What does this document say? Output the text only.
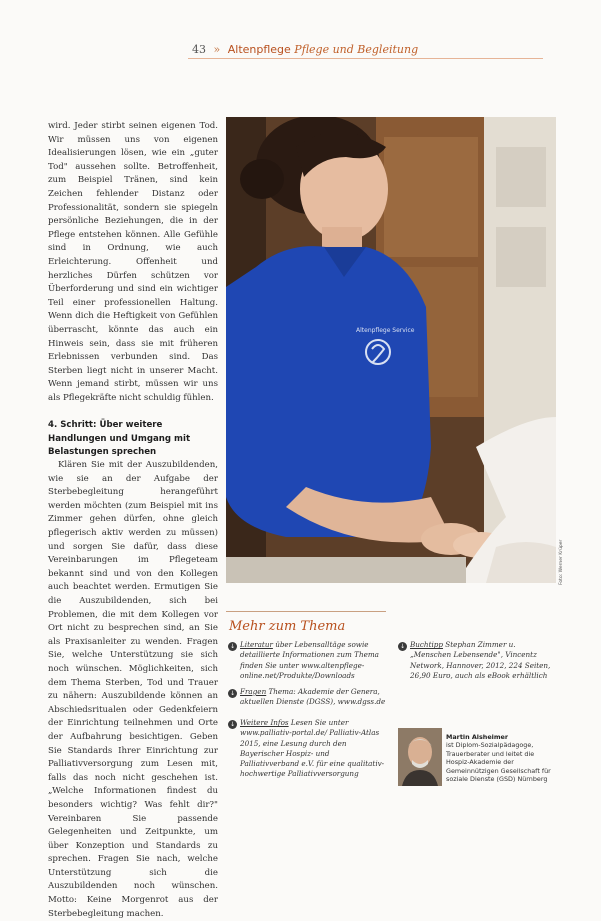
43 » Altenpflege Pflege und Begleitung

wird. Jeder stirbt seinen eigenen Tod. Wir müssen uns von eigenen Idealisierungen lösen, wie ein „guter Tod" aussehen sollte. Betroffenheit, zum Beispiel Tränen, sind kein Zeichen fehlender Distanz oder Professionalität, sondern sie spiegeln persönliche Beziehungen, die in der Pflege entstehen können. Alle Gefühle sind in Ordnung, wie auch Erleichterung. Offenheit und herzliches Dürfen schützen vor Überforderung und sind ein wichtiger Teil einer professionellen Haltung. Wenn dich die Heftigkeit von Gefühlen überrascht, könnte das auch ein Hinweis sein, dass sie mit früheren Erlebnissen verbunden sind. Das Sterben liegt nicht in unserer Macht. Wenn jemand stirbt, müssen wir uns als Pflegekräfte nicht schuldig fühlen.

4. Schritt: Über weitere Handlungen und Umgang mit Belastungen sprechen

Klären Sie mit der Auszubildenden, wie sie an der Aufgabe der Sterbebegleitung herangeführt werden möchten (zum Beispiel mit ins Zimmer gehen dürfen, ohne gleich pflegerisch aktiv werden zu müssen) und sorgen Sie dafür, dass diese Vereinbarungen im Pflegeteam bekannt sind und von den Kollegen auch beachtet werden. Ermutigen Sie die Auszubildenden, sich bei Problemen, die mit dem Kollegen vor Ort nicht zu besprechen sind, an Sie als Praxisanleiter zu wenden. Fragen Sie, welche Unterstützung sie sich noch wünschen. Möglichkeiten, sich dem Thema Sterben, Tod und Trauer zu nähern: Auszubildende können an Abschiedsritualen oder Gedenkfeiern der Einrichtung teilnehmen und Orte der Aufbahrung besichtigen. Geben Sie Standards Ihrer Einrichtung zur Palliativversorgung zum Lesen mit, falls das noch nicht geschehen ist. „Welche Informationen findest du besonders wichtig? Was fehlt dir?" Vereinbaren Sie passende Gelegenheiten und Zeitpunkte, um über Konzeption und Standards zu sprechen. Fragen Sie nach, welche Unterstützung sich die Auszubildenden noch wünschen. Motto: Keine Morgenrot aus der Sterbebegleitung machen.

Altenpflege Service
Foto: Werner Krüper
Mehr zum Thema
↓ Literatur über Lebensalltäge sowie detaillierte Informationen zum Thema finden Sie unter www.altenpflege-online.net/Produkte/Downloads
↓ Fragen Thema: Akademie der Genera, aktuellen Dienste (DGSS), www.dgss.de
↓ Weitere Infos Lesen Sie unter www.palliativ-portal.de/ Palliativ-Atlas 2015, eine Lesung durch den Bayerischer Hospiz- und Palliativverband e.V. für eine qualitativ-hochwertige Palliativversorgung
↓ Buchtipp Stephan Zimmer u. „Menschen Lebensende", Vincentz Network, Hannover, 2012, 224 Seiten, 26,90 Euro, auch als eBook erhältlich
Martin Alsheimer
ist Diplom-Sozialpädagoge, Trauerberater und leitet die Hospiz-Akademie der Gemeinnützigen Gesellschaft für soziale Dienste (GSD) Nürnberg
